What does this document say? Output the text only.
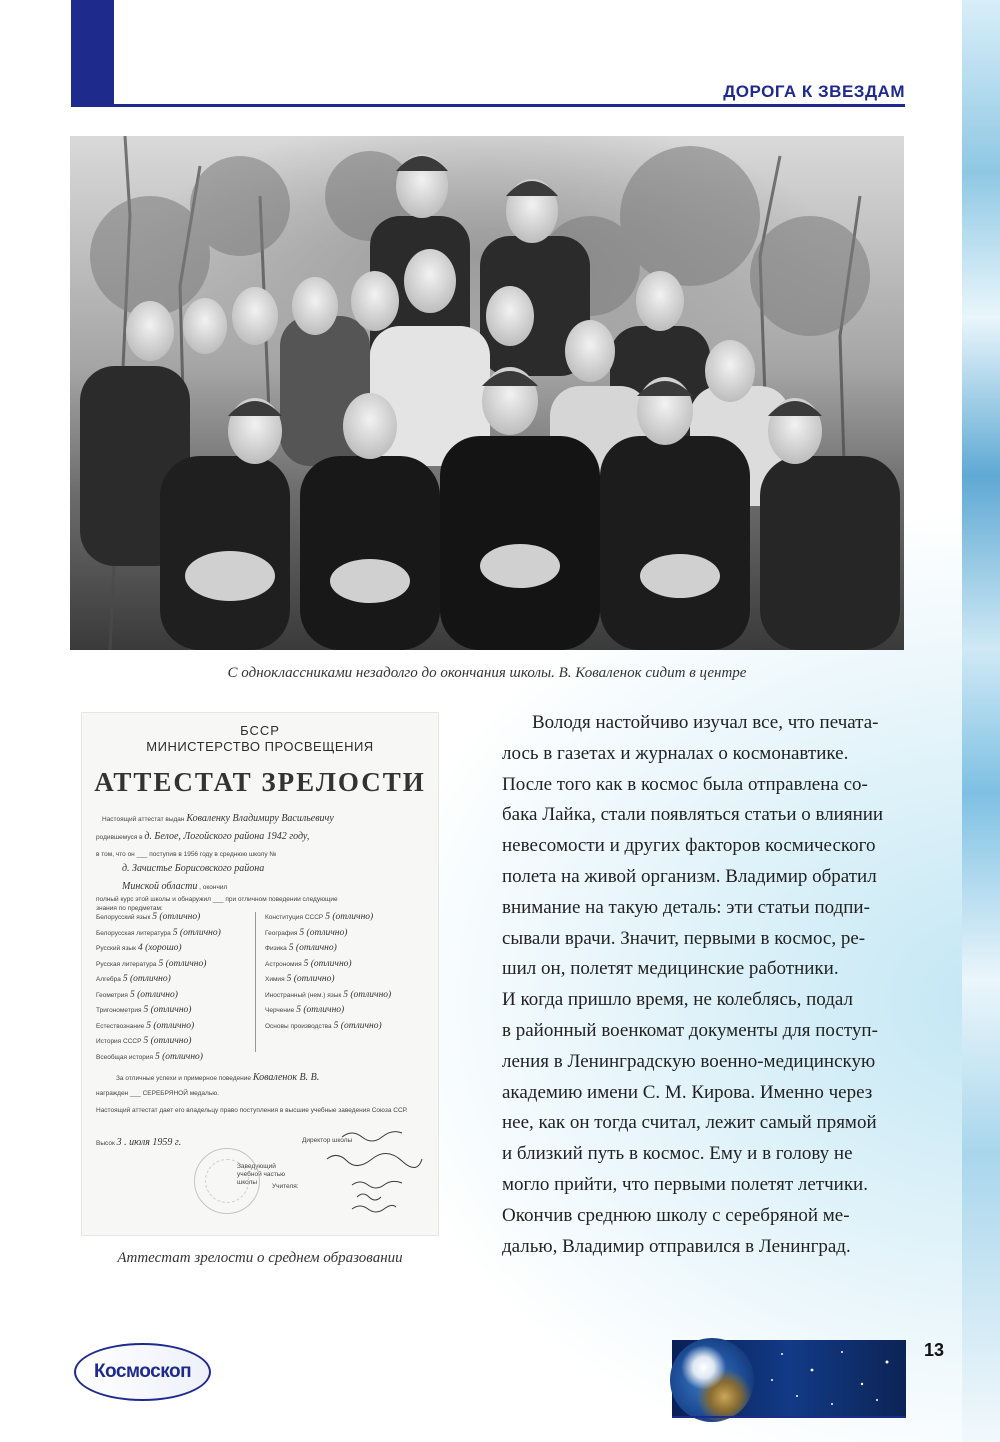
ДОРОГА К ЗВЕЗДАМ
С одноклассниками незадолго до окончания школы. В. Коваленок сидит в центре
БССР
МИНИСТЕРСТВО ПРОСВЕЩЕНИЯ
АТТЕСТАТ ЗРЕЛОСТИ
Настоящий аттестат выдан Коваленку Владимиру Васильевичу
родившемуся в д. Белое, Логойского района 1942 году,
в том, что он ___ поступив в 1956 году в среднюю школу №
д. Зачистье Борисовского района
Минской области , окончил
полный курс этой школы и обнаружил ___ при отличном поведении следующие
знания по предметам:
Белорусский язык 5 (отлично)
Белорусская литература 5 (отлично)
Русский язык 4 (хорошо)
Русская литература 5 (отлично)
Алгебра 5 (отлично)
Геометрия 5 (отлично)
Тригонометрия 5 (отлично)
Естествознание 5 (отлично)
История СССР 5 (отлично)
Конституция СССР 5 (отлично)
География 5 (отлично)
Физика 5 (отлично)
Астрономия 5 (отлично)
Химия 5 (отлично)
Иностранный (нем.) язык 5 (отлично)
Черчение 5 (отлично)
Основы производства 5 (отлично)
Всеобщая история 5 (отлично)
За отличные успехи и примерное поведение Коваленок В. В.
награжден ___ СЕРЕБРЯНОЙ медалью.
Настоящий аттестат дает его владельцу право поступления в высшие учебные заведения Союза ССР.
Высок 3 . июля 1959 г.	Директор школы
Заведующий учебной частью школы
Учителя:
Аттестат зрелости о среднем образовании
Володя настойчиво изучал все, что печата-
лось в газетах и журналах о космонавтике.
После того как в космос была отправлена со-
бака Лайка, стали появляться статьи о влиянии
невесомости и других факторов космического
полета на живой организм. Владимир обратил
внимание на такую деталь: эти статьи подпи-
сывали врачи. Значит, первыми в космос, ре-
шил он, полетят медицинские работники.
И когда пришло время, не колеблясь, подал
в районный военкомат документы для поступ-
ления в Ленинградскую военно-медицинскую
академию имени С. М. Кирова. Именно через
нее, как он тогда считал, лежит самый прямой
и близкий путь в космос. Ему и в голову не
могло прийти, что первыми полетят летчики.
Окончив среднюю школу с серебряной ме-
далью, Владимир отправился в Ленинград.
Космоскоп
13
